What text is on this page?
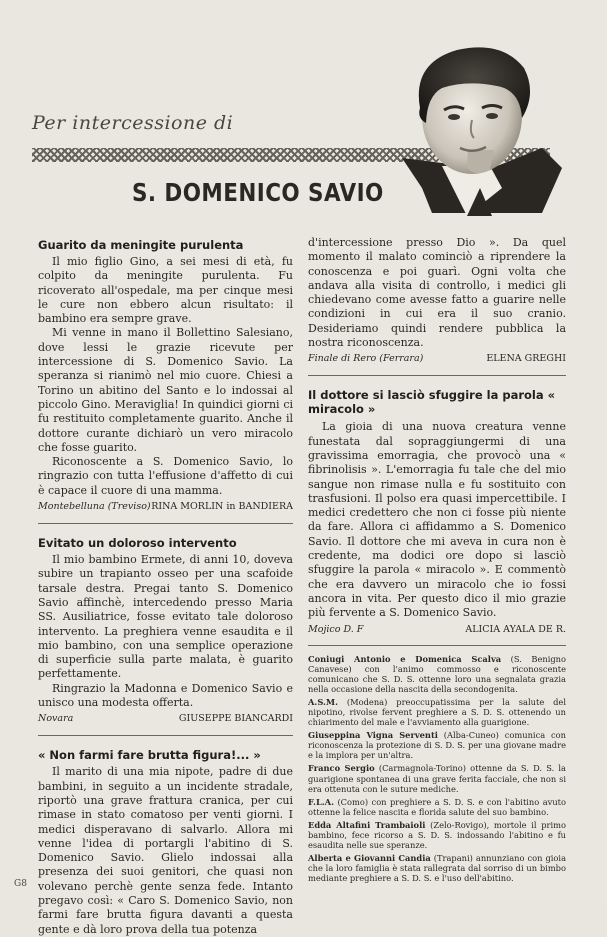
Per intercessione di
S. DOMENICO SAVIO
Guarito da meningite purulenta

Il mio figlio Gino, a sei mesi di età, fu colpito da meningite purulenta. Fu ricoverato all'ospedale, ma per cinque mesi le cure non ebbero alcun risultato: il bambino era sempre grave.

Mi venne in mano il Bollettino Salesiano, dove lessi le grazie ricevute per intercessione di S. Domenico Savio. La speranza si rianimò nel mio cuore. Chiesi a Torino un abitino del Santo e lo indossai al piccolo Gino. Meraviglia! In quindici giorni ci fu restituito completamente guarito. Anche il dottore curante dichiarò un vero miracolo che fosse guarito.

Riconoscente a S. Domenico Savio, lo ringrazio con tutta l'effusione d'affetto di cui è capace il cuore di una mamma.

Montebelluna (Treviso) RINA MORLIN in BANDIERA
Evitato un doloroso intervento

Il mio bambino Ermete, di anni 10, doveva subire un trapianto osseo per una scafoide tarsale destra. Pregai tanto S. Domenico Savio affinchè, intercedendo presso Maria SS. Ausiliatrice, fosse evitato tale doloroso intervento. La preghiera venne esaudita e il mio bambino, con una semplice operazione di superficie sulla parte malata, è guarito perfettamente.

Ringrazio la Madonna e Domenico Savio e unisco una modesta offerta.

Novara	GIUSEPPE BIANCARDI
« Non farmi fare brutta figura!... »

Il marito di una mia nipote, padre di due bambini, in seguito a un incidente stradale, riportò una grave frattura cranica, per cui rimase in stato comatoso per venti giorni. I medici disperavano di salvarlo. Allora mi venne l'idea di portargli l'abitino di S. Domenico Savio. Glielo indossai alla presenza dei suoi genitori, che quasi non volevano perchè gente senza fede. Intanto pregavo così: « Caro S. Domenico Savio, non farmi fare brutta figura davanti a questa gente e dà loro prova della tua potenza

d'intercessione presso Dio ». Da quel momento il malato cominciò a riprendere la conoscenza e poi guarì. Ogni volta che andava alla visita di controllo, i medici gli chiedevano come avesse fatto a guarire nelle condizioni in cui era il suo cranio. Desideriamo quindi rendere pubblica la nostra riconoscenza.

Finale di Rero (Ferrara)	ELENA GREGHI
Il dottore si lasciò sfuggire la parola « miracolo »

La gioia di una nuova creatura venne funestata dal sopraggiungermi di una gravissima emorragia, che provocò una « fibrinolisis ». L'emorragia fu tale che del mio sangue non rimase nulla e fu sostituito con trasfusioni. Il polso era quasi impercettibile. I medici credettero che non ci fosse più niente da fare. Allora ci affidammo a S. Domenico Savio. Il dottore che mi aveva in cura non è credente, ma dodici ore dopo si lasciò sfuggire la parola « miracolo ». E commentò che era davvero un miracolo che io fossi ancora in vita. Per questo dico il mio grazie più fervente a S. Domenico Savio.

Mojico D. F	ALICIA AYALA DE R.
Coniugi Antonio e Domenica Scalva (S. Benigno Canavese) con l'animo commosso e riconoscente comunicano che S. D. S. ottenne loro una segnalata grazia nella occasione della nascita della secondogenita.
A.S.M. (Modena) preoccupatissima per la salute del nipotino, rivolse fervent preghiere a S. D. S. ottenendo un chiarimento del male e l'avviamento alla guarigione.
Giuseppina Vigna Serventi (Alba-Cuneo) comunica con riconoscenza la protezione di S. D. S. per una giovane madre e la implora per un'altra.
Franco Sergio (Carmagnola-Torino) ottenne da S. D. S. la guarigione spontanea di una grave ferita facciale, che non si era ottenuta con le suture mediche.
F.L.A. (Como) con preghiere a S. D. S. e con l'abitino avuto ottenne la felice nascita e florida salute del suo bambino.
Edda Altafini Trambaioli (Zelo-Rovigo), mortole il primo bambino, fece ricorso a S. D. S. indossando l'abitino e fu esaudita nelle sue speranze.
Alberta e Giovanni Candia (Trapani) annunziano con gioia che la loro famiglia è stata rallegrata dal sorriso di un bimbo mediante preghiere a S. D. S. e l'uso dell'abitino.
G8
